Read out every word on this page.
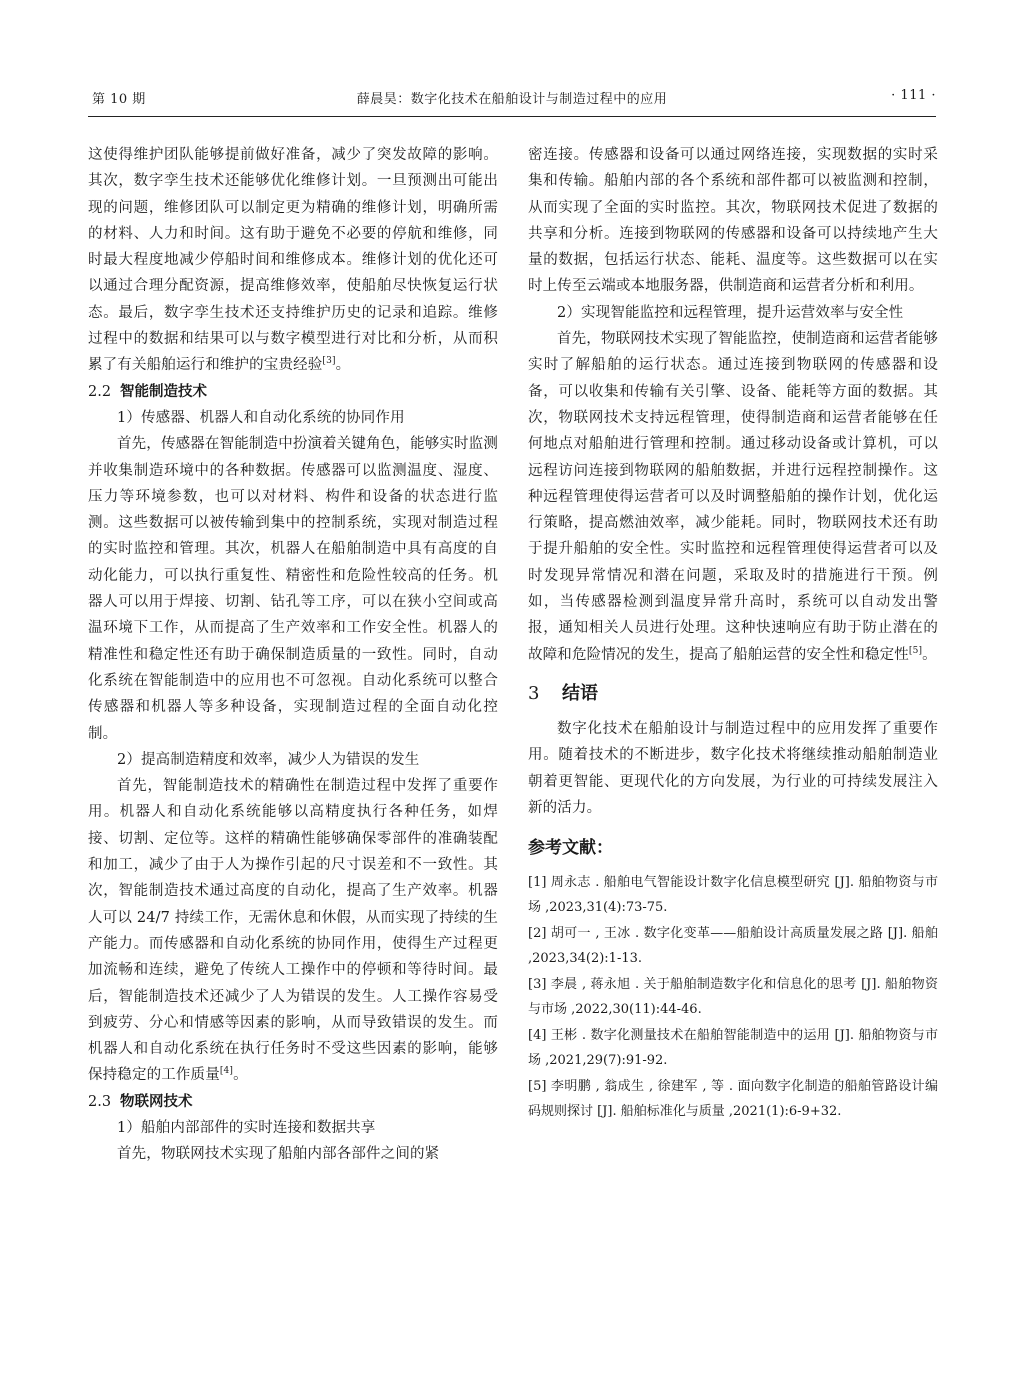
第 10 期	薛晨昊：数字化技术在船舶设计与制造过程中的应用	· 111 ·

这使得维护团队能够提前做好准备，减少了突发故障的影响。其次，数字孪生技术还能够优化维修计划。一旦预测出可能出现的问题，维修团队可以制定更为精确的维修计划，明确所需的材料、人力和时间。这有助于避免不必要的停航和维修，同时最大程度地减少停船时间和维修成本。维修计划的优化还可以通过合理分配资源，提高维修效率，使船舶尽快恢复运行状态。最后，数字孪生技术还支持维护历史的记录和追踪。维修过程中的数据和结果可以与数字模型进行对比和分析，从而积累了有关船舶运行和维护的宝贵经验[3]。

2.2 智能制造技术

1）传感器、机器人和自动化系统的协同作用

首先，传感器在智能制造中扮演着关键角色，能够实时监测并收集制造环境中的各种数据。传感器可以监测温度、湿度、压力等环境参数，也可以对材料、构件和设备的状态进行监测。这些数据可以被传输到集中的控制系统，实现对制造过程的实时监控和管理。其次，机器人在船舶制造中具有高度的自动化能力，可以执行重复性、精密性和危险性较高的任务。机器人可以用于焊接、切割、钻孔等工序，可以在狭小空间或高温环境下工作，从而提高了生产效率和工作安全性。机器人的精准性和稳定性还有助于确保制造质量的一致性。同时，自动化系统在智能制造中的应用也不可忽视。自动化系统可以整合传感器和机器人等多种设备，实现制造过程的全面自动化控制。

2）提高制造精度和效率，减少人为错误的发生

首先，智能制造技术的精确性在制造过程中发挥了重要作用。机器人和自动化系统能够以高精度执行各种任务，如焊接、切割、定位等。这样的精确性能够确保零部件的准确装配和加工，减少了由于人为操作引起的尺寸误差和不一致性。其次，智能制造技术通过高度的自动化，提高了生产效率。机器人可以 24/7 持续工作，无需休息和休假，从而实现了持续的生产能力。而传感器和自动化系统的协同作用，使得生产过程更加流畅和连续，避免了传统人工操作中的停顿和等待时间。最后，智能制造技术还减少了人为错误的发生。人工操作容易受到疲劳、分心和情感等因素的影响，从而导致错误的发生。而机器人和自动化系统在执行任务时不受这些因素的影响，能够保持稳定的工作质量[4]。

2.3 物联网技术

1）船舶内部部件的实时连接和数据共享

首先，物联网技术实现了船舶内部各部件之间的紧

密连接。传感器和设备可以通过网络连接，实现数据的实时采集和传输。船舶内部的各个系统和部件都可以被监测和控制，从而实现了全面的实时监控。其次，物联网技术促进了数据的共享和分析。连接到物联网的传感器和设备可以持续地产生大量的数据，包括运行状态、能耗、温度等。这些数据可以在实时上传至云端或本地服务器，供制造商和运营者分析和利用。

2）实现智能监控和远程管理，提升运营效率与安全性

首先，物联网技术实现了智能监控，使制造商和运营者能够实时了解船舶的运行状态。通过连接到物联网的传感器和设备，可以收集和传输有关引擎、设备、能耗等方面的数据。其次，物联网技术支持远程管理，使得制造商和运营者能够在任何地点对船舶进行管理和控制。通过移动设备或计算机，可以远程访问连接到物联网的船舶数据，并进行远程控制操作。这种远程管理使得运营者可以及时调整船舶的操作计划，优化运行策略，提高燃油效率，减少能耗。同时，物联网技术还有助于提升船舶的安全性。实时监控和远程管理使得运营者可以及时发现异常情况和潜在问题，采取及时的措施进行干预。例如，当传感器检测到温度异常升高时，系统可以自动发出警报，通知相关人员进行处理。这种快速响应有助于防止潜在的故障和危险情况的发生，提高了船舶运营的安全性和稳定性[5]。

3 结语

数字化技术在船舶设计与制造过程中的应用发挥了重要作用。随着技术的不断进步，数字化技术将继续推动船舶制造业朝着更智能、更现代化的方向发展，为行业的可持续发展注入新的活力。

参考文献：

[1] 周永志 . 船舶电气智能设计数字化信息模型研究 [J]. 船舶物资与市场 ,2023,31(4):73-75.

[2] 胡可一 , 王冰 . 数字化变革——船舶设计高质量发展之路 [J]. 船舶 ,2023,34(2):1-13.

[3] 李晨 , 蒋永旭 . 关于船舶制造数字化和信息化的思考 [J]. 船舶物资与市场 ,2022,30(11):44-46.

[4] 王彬 . 数字化测量技术在船舶智能制造中的运用 [J]. 船舶物资与市场 ,2021,29(7):91-92.

[5] 李明鹏 , 翁成生 , 徐建军 , 等 . 面向数字化制造的船舶管路设计编码规则探讨 [J]. 船舶标准化与质量 ,2021(1):6-9+32.
